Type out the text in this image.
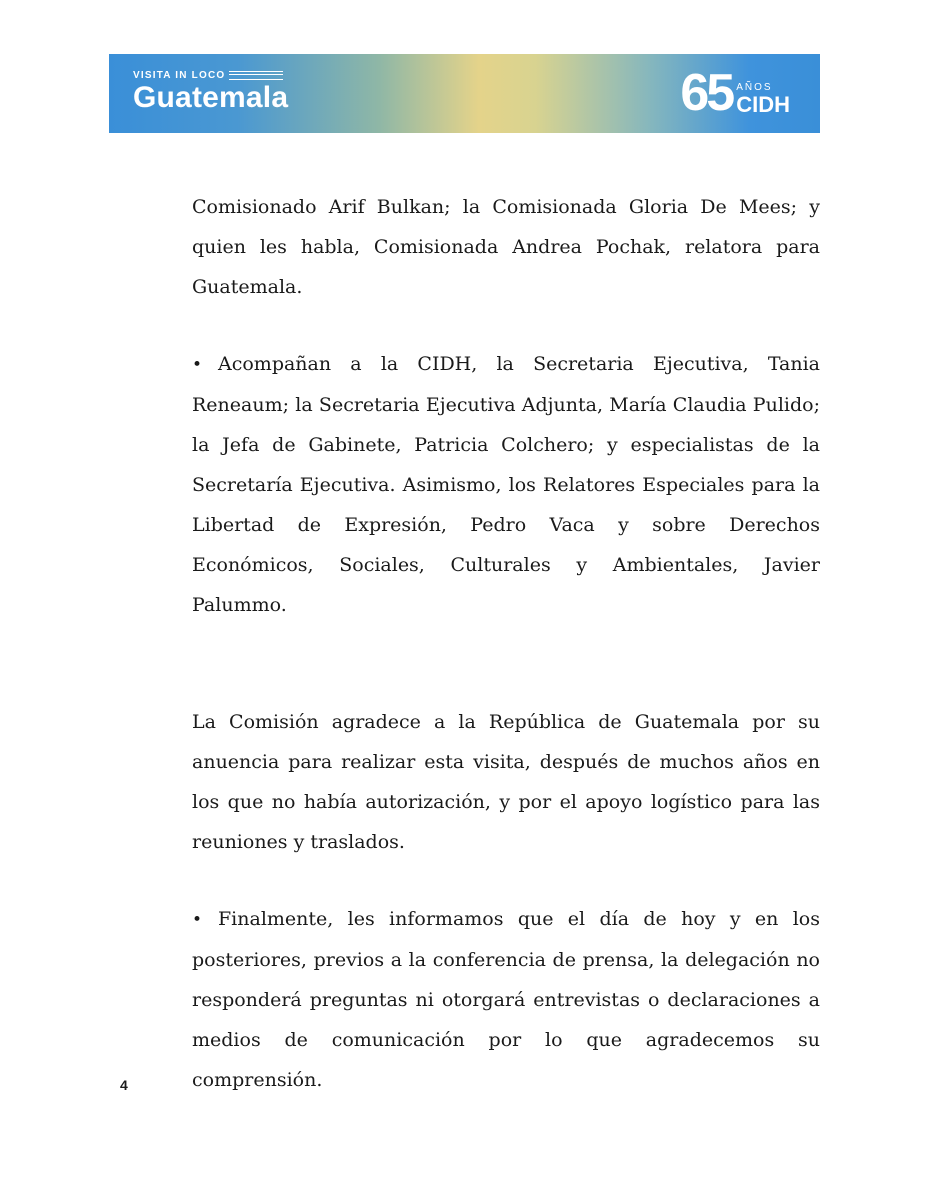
VISITA IN LOCO
Guatemala	65 AÑOS
CIDH

Comisionado Arif Bulkan; la Comisionada Gloria De Mees; y quien les habla, Comisionada Andrea Pochak, relatora para Guatemala.

• Acompañan a la CIDH, la Secretaria Ejecutiva, Tania Reneaum; la Secretaria Ejecutiva Adjunta, María Claudia Pulido; la Jefa de Gabinete, Patricia Colchero; y especialistas de la Secretaría Ejecutiva. Asimismo, los Relatores Especiales para la Libertad de Expresión, Pedro Vaca y sobre Derechos Económicos, Sociales, Culturales y Ambientales, Javier Palummo.

La Comisión agradece a la República de Guatemala por su anuencia para realizar esta visita, después de muchos años en los que no había autorización, y por el apoyo logístico para las reuniones y traslados.

• Finalmente, les informamos que el día de hoy y en los posteriores, previos a la conferencia de prensa, la delegación no responderá preguntas ni otorgará entrevistas o declaraciones a medios de comunicación por lo que agradecemos su comprensión.

4
